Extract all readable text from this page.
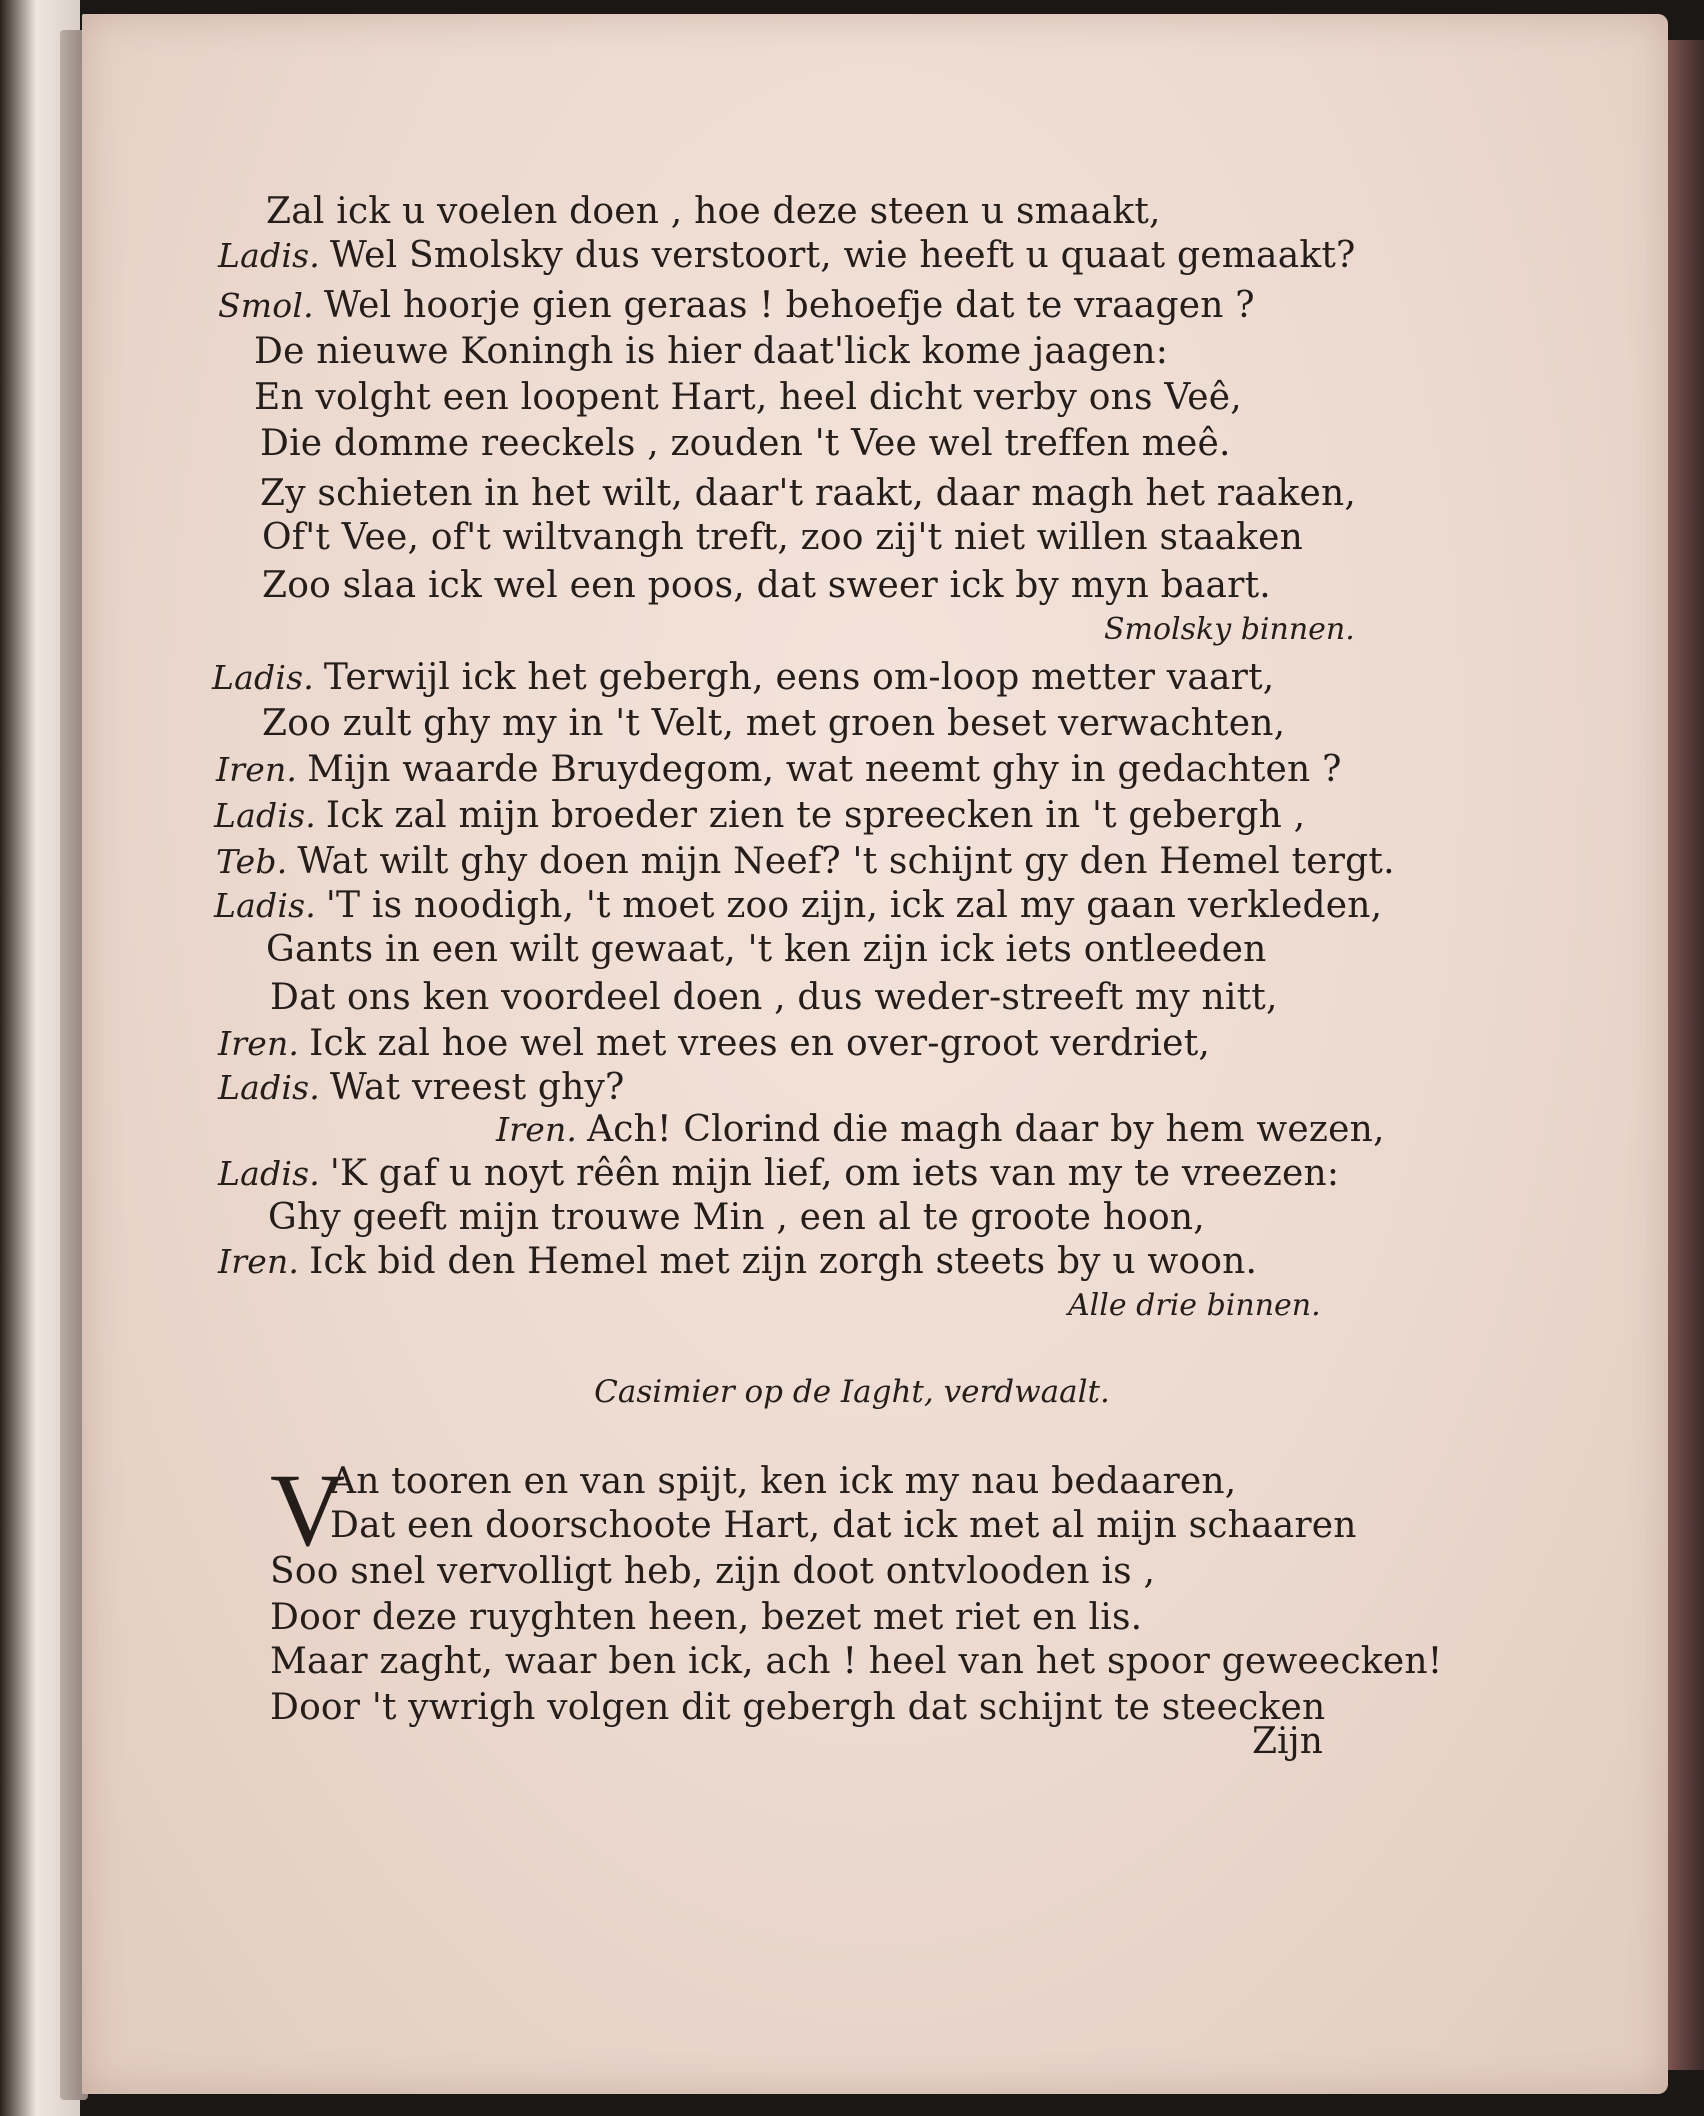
Zal ick u voelen doen , hoe deze steen u smaakt,
Ladis. Wel Smolsky dus verstoort, wie heeft u quaat gemaakt?
Smol. Wel hoorje gien geraas ! behoefje dat te vraagen ?
De nieuwe Koningh is hier daat'lick kome jaagen:
En volght een loopent Hart, heel dicht verby ons Veê,
Die domme reeckels , zouden 't Vee wel treffen meê.
Zy schieten in het wilt, daar't raakt, daar magh het raaken,
Of't Vee, of't wiltvangh treft, zoo zij't niet willen staaken
Zoo slaa ick wel een poos, dat sweer ick by myn baart.
Smolsky binnen.
Ladis. Terwijl ick het gebergh, eens om-loop metter vaart,
Zoo zult ghy my in 't Velt, met groen beset verwachten,
Iren. Mijn waarde Bruydegom, wat neemt ghy in gedachten ?
Ladis. Ick zal mijn broeder zien te spreecken in 't gebergh ,
Teb. Wat wilt ghy doen mijn Neef? 't schijnt gy den Hemel tergt.
Ladis. 'T is noodigh, 't moet zoo zijn, ick zal my gaan verkleden,
Gants in een wilt gewaat, 't ken zijn ick iets ontleeden
Dat ons ken voordeel doen , dus weder-streeft my nitt,
Iren. Ick zal hoe wel met vrees en over-groot verdriet,
Ladis. Wat vreest ghy?
Iren. Ach! Clorind die magh daar by hem wezen,
Ladis. 'K gaf u noyt rêên mijn lief, om iets van my te vreezen:
Ghy geeft mijn trouwe Min , een al te groote hoon,
Iren. Ick bid den Hemel met zijn zorgh steets by u woon.
Alle drie binnen.
Casimier op de Iaght, verdwaalt.
V
An tooren en van spijt, ken ick my nau bedaaren,
Dat een doorschoote Hart, dat ick met al mijn schaaren
Soo snel vervolligt heb, zijn doot ontvlooden is ,
Door deze ruyghten heen, bezet met riet en lis.
Maar zaght, waar ben ick, ach ! heel van het spoor geweecken!
Door 't ywrigh volgen dit gebergh dat schijnt te steecken
Zijn
